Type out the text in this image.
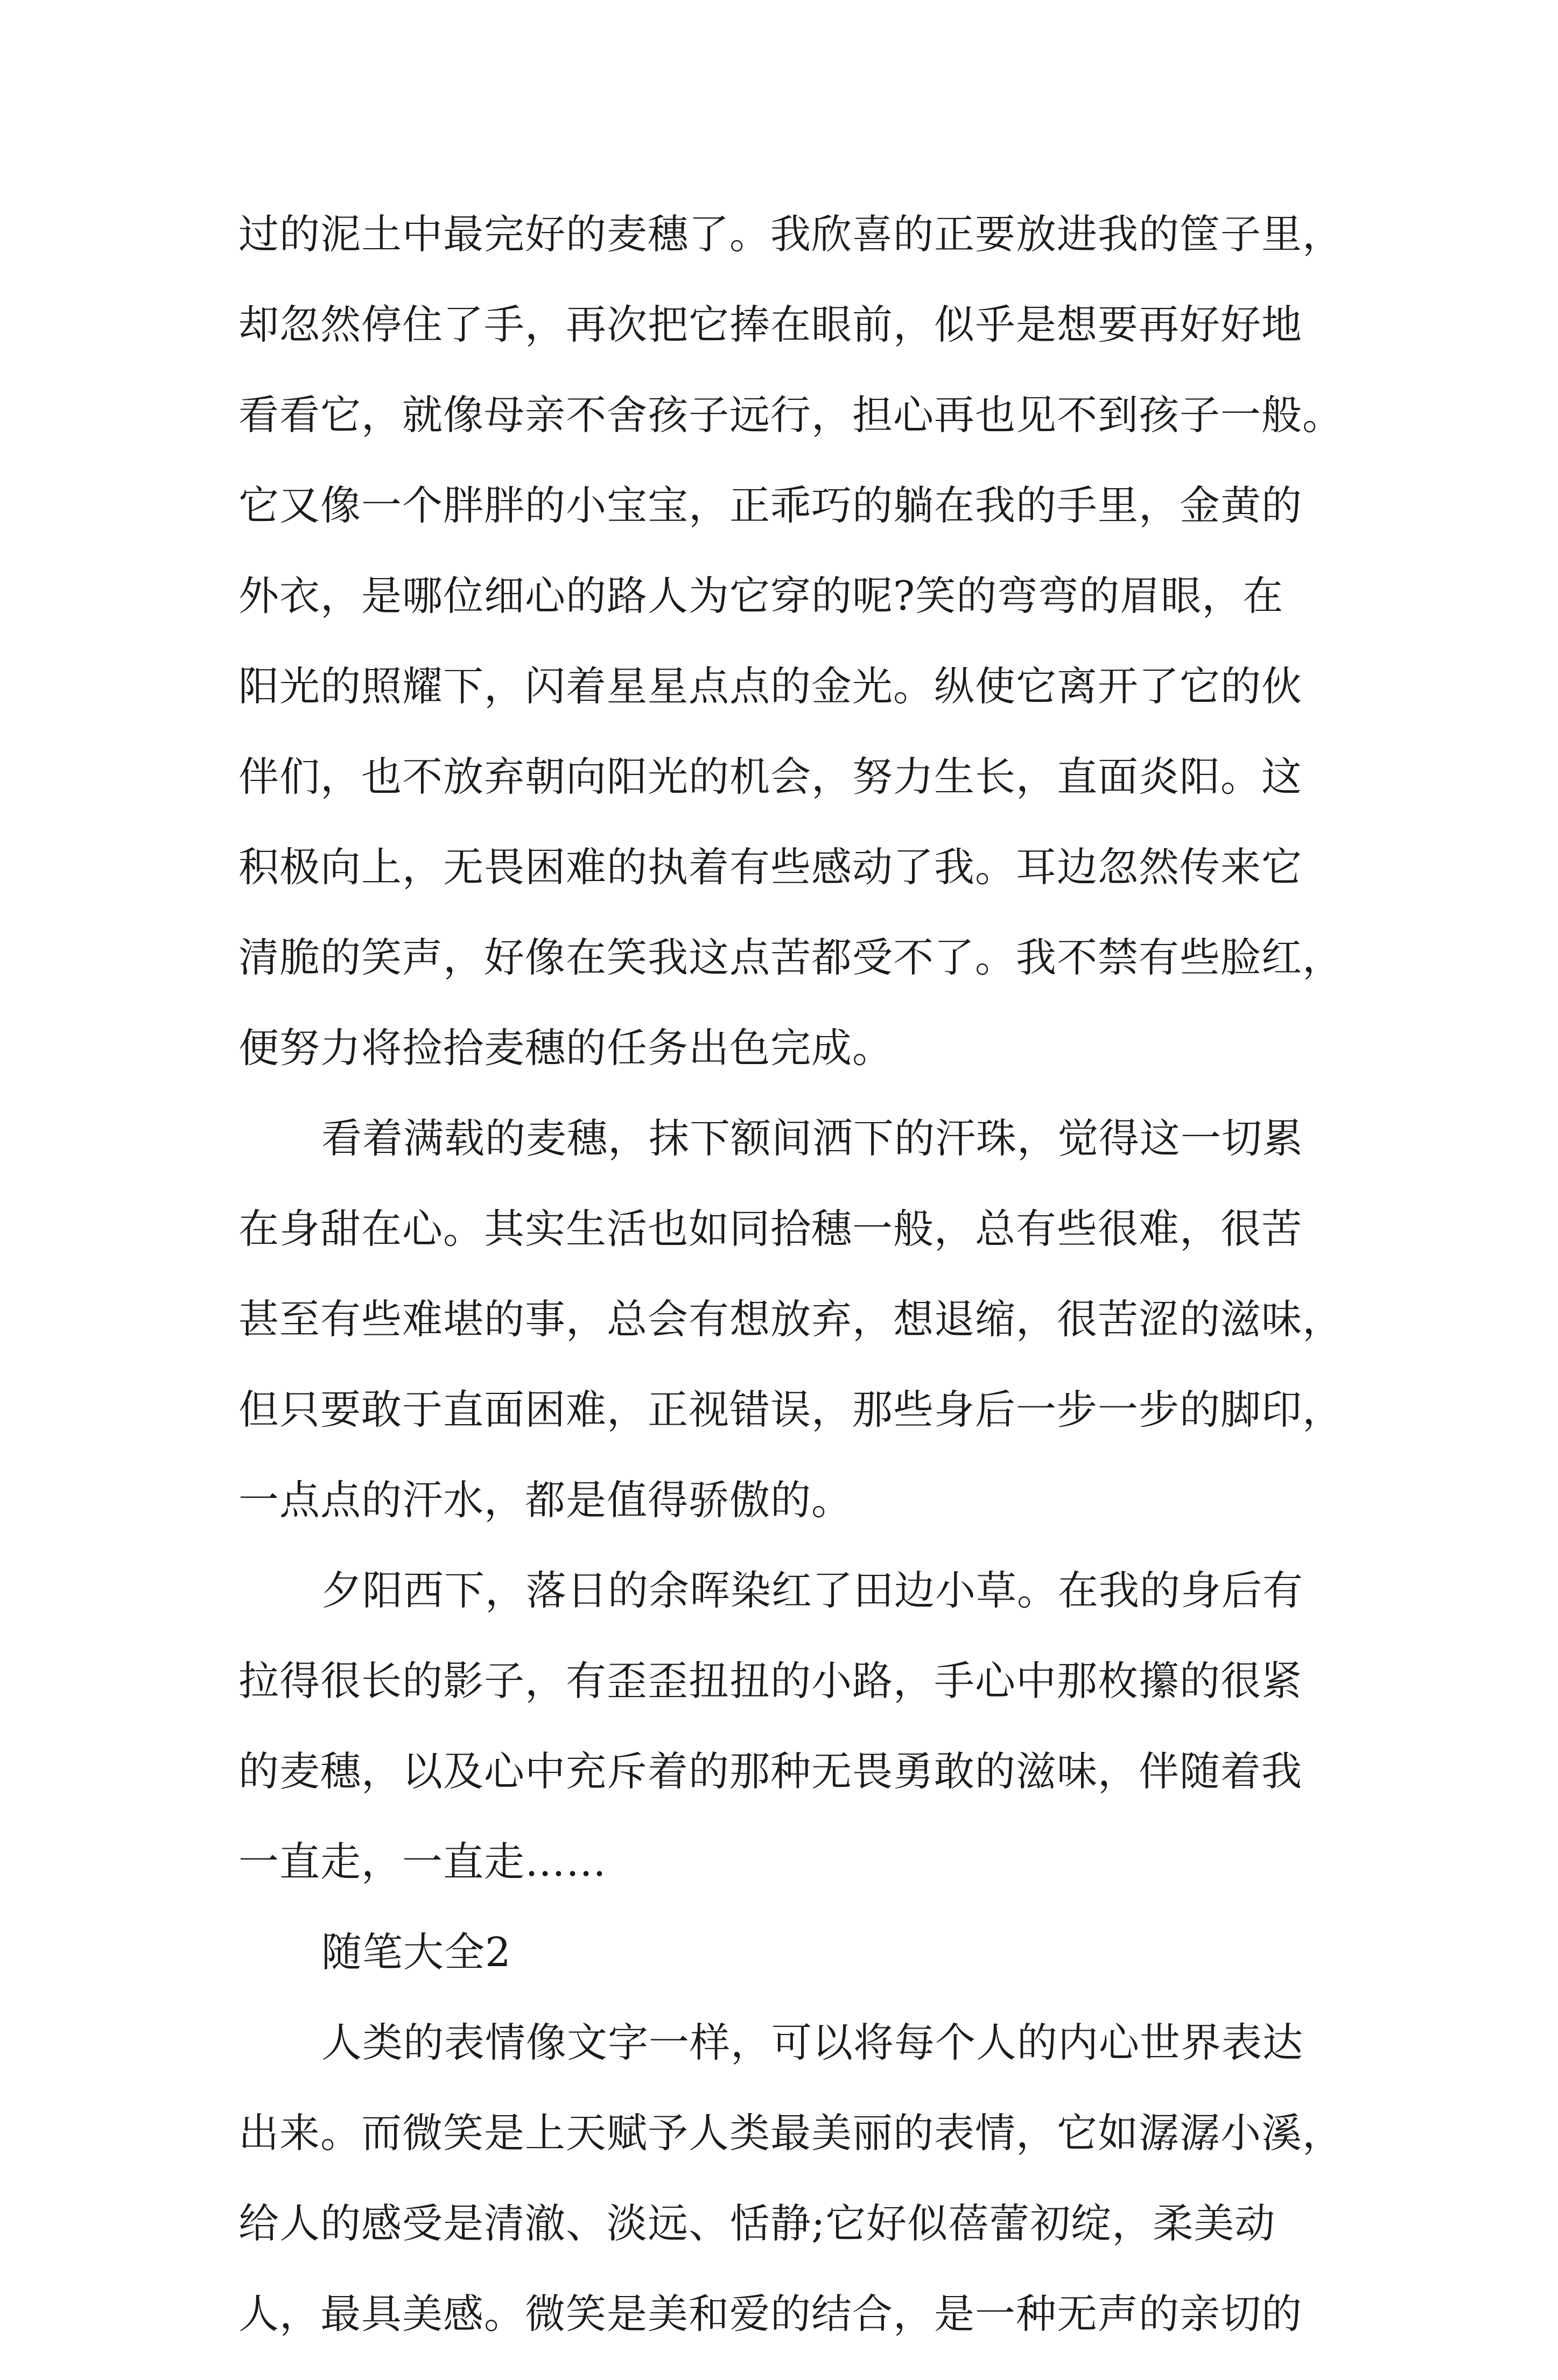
过的泥土中最完好的麦穗了。我欣喜的正要放进我的筐子里，
却忽然停住了手，再次把它捧在眼前，似乎是想要再好好地
看看它，就像母亲不舍孩子远行，担心再也见不到孩子一般。
它又像一个胖胖的小宝宝，正乖巧的躺在我的手里，金黄的
外衣，是哪位细心的路人为它穿的呢?笑的弯弯的眉眼，在
阳光的照耀下，闪着星星点点的金光。纵使它离开了它的伙
伴们，也不放弃朝向阳光的机会，努力生长，直面炎阳。这
积极向上，无畏困难的执着有些感动了我。耳边忽然传来它
清脆的笑声，好像在笑我这点苦都受不了。我不禁有些脸红，
便努力将捡拾麦穗的任务出色完成。
看着满载的麦穗，抹下额间洒下的汗珠，觉得这一切累
在身甜在心。其实生活也如同拾穗一般，总有些很难，很苦
甚至有些难堪的事，总会有想放弃，想退缩，很苦涩的滋味，
但只要敢于直面困难，正视错误，那些身后一步一步的脚印，
一点点的汗水，都是值得骄傲的。
夕阳西下，落日的余晖染红了田边小草。在我的身后有
拉得很长的影子，有歪歪扭扭的小路，手心中那枚攥的很紧
的麦穗，以及心中充斥着的那种无畏勇敢的滋味，伴随着我
一直走，一直走……
随笔大全2
人类的表情像文字一样，可以将每个人的内心世界表达
出来。而微笑是上天赋予人类最美丽的表情，它如潺潺小溪，
给人的感受是清澈、淡远、恬静;它好似蓓蕾初绽，柔美动
人，最具美感。微笑是美和爱的结合，是一种无声的亲切的
